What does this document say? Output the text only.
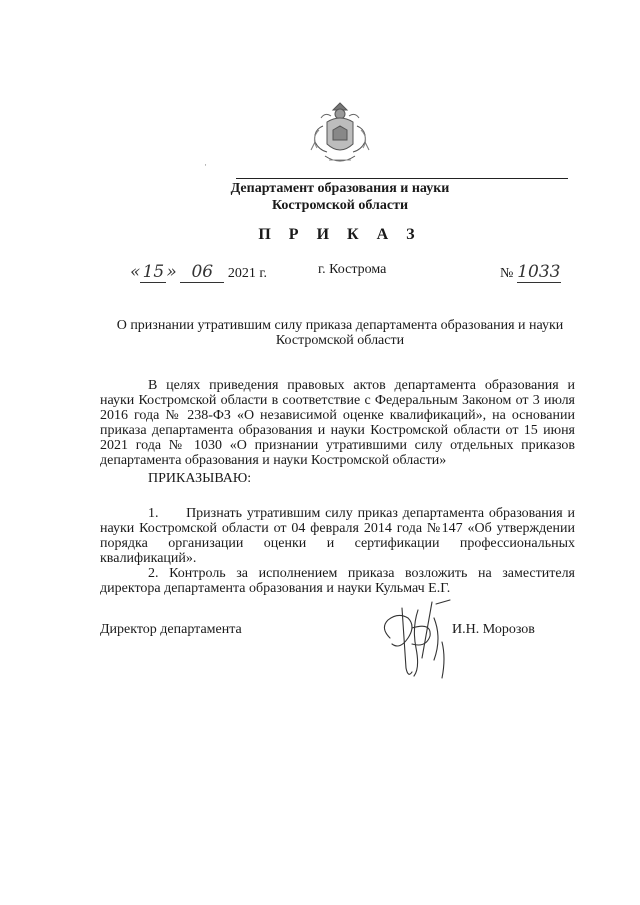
·
Департамент образования и науки
Костромской области
П Р И К А З
« 15 » 06 2021 г.	г. Кострома	№ 1033
О признании утратившим силу приказа департамента образования и науки Костромской области
В целях приведения правовых актов департамента образования и науки Костромской области в соответствие с Федеральным Законом от 3 июля 2016 года № 238-ФЗ «О независимой оценке квалификаций», на основании приказа департамента образования и науки Костромской области от 15 июня 2021 года № 1030 «О признании утратившими силу отдельных приказов департамента образования и науки Костромской области»
ПРИКАЗЫВАЮ:
1. Признать утратившим силу приказ департамента образования и науки Костромской области от 04 февраля 2014 года №147 «Об утверждении порядка организации оценки и сертификации профессиональных квалификаций».
2. Контроль за исполнением приказа возложить на заместителя директора департамента образования и науки Кульмач Е.Г.
Директор департамента	И.Н. Морозов
